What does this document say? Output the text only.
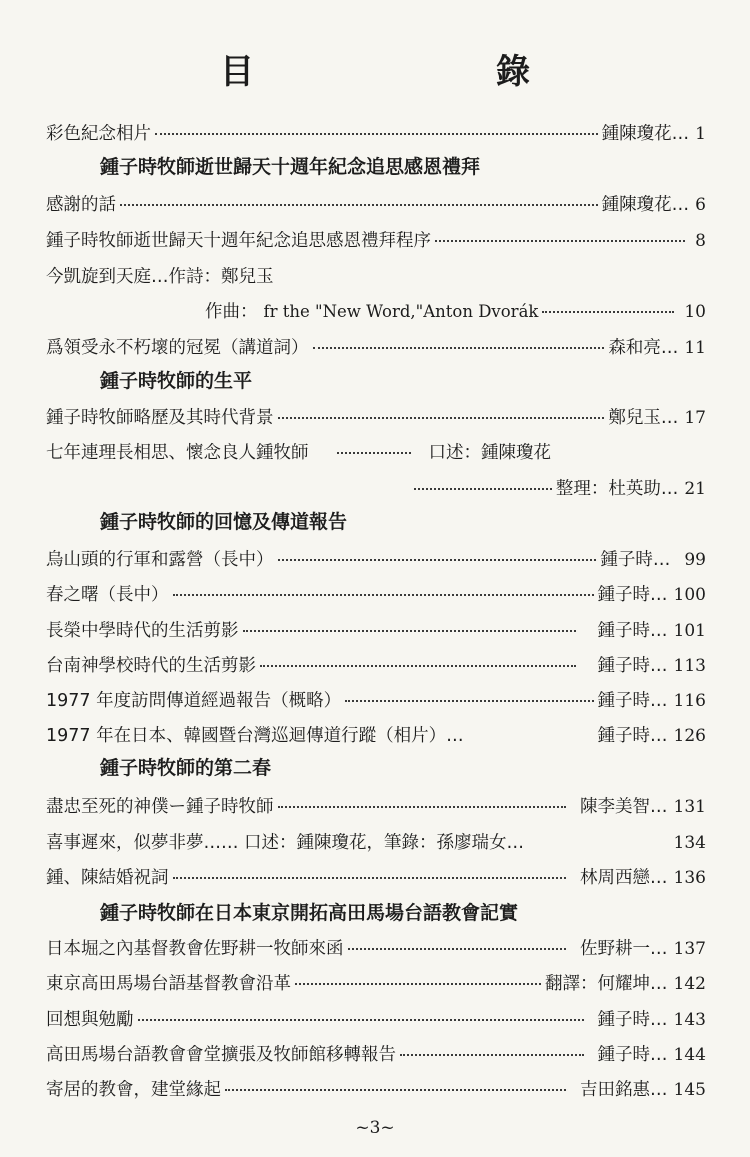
目　錄
彩色紀念相片	鍾陳瓊花… 1
鍾子時牧師逝世歸天十週年紀念追思感恩禮拜
感謝的話	鍾陳瓊花… 6
鍾子時牧師逝世歸天十週年紀念追思感恩禮拜程序	8
今凱旋到天庭…作詩：鄭兒玉
作曲： fr the "New Word,"Anton Dvorák	10
爲領受永不朽壞的冠冕（講道詞）	森和亮… 11
鍾子時牧師的生平
鍾子時牧師略歷及其時代背景	鄭兒玉… 17
七年連理長相思、懷念良人鍾牧師	口述：鍾陳瓊花
整理：杜英助… 21
鍾子時牧師的回憶及傳道報告
烏山頭的行軍和露營（長中）	鍾子時… 99
春之曙（長中）	鍾子時… 100
長榮中學時代的生活剪影	鍾子時… 101
台南神學校時代的生活剪影	鍾子時… 113
1977 年度訪問傳道經過報告（概略）	鍾子時… 116
1977 年在日本、韓國暨台灣巡迴傳道行蹤（相片）…	鍾子時… 126
鍾子時牧師的第二春
盡忠至死的神僕ー鍾子時牧師	陳李美智… 131
喜事遲來，似夢非夢…… 口述：鍾陳瓊花，筆錄：孫廖瑞女…	134
鍾、陳結婚祝詞	林周西戀… 136
鍾子時牧師在日本東京開拓高田馬場台語教會記實
日本堀之內基督教會佐野耕一牧師來函	佐野耕一… 137
東京高田馬場台語基督教會沿革	翻譯：何耀坤… 142
回想與勉勵	鍾子時… 143
高田馬場台語教會會堂擴張及牧師館移轉報告	鍾子時… 144
寄居的教會，建堂緣起	吉田銘惠… 145
~3~
